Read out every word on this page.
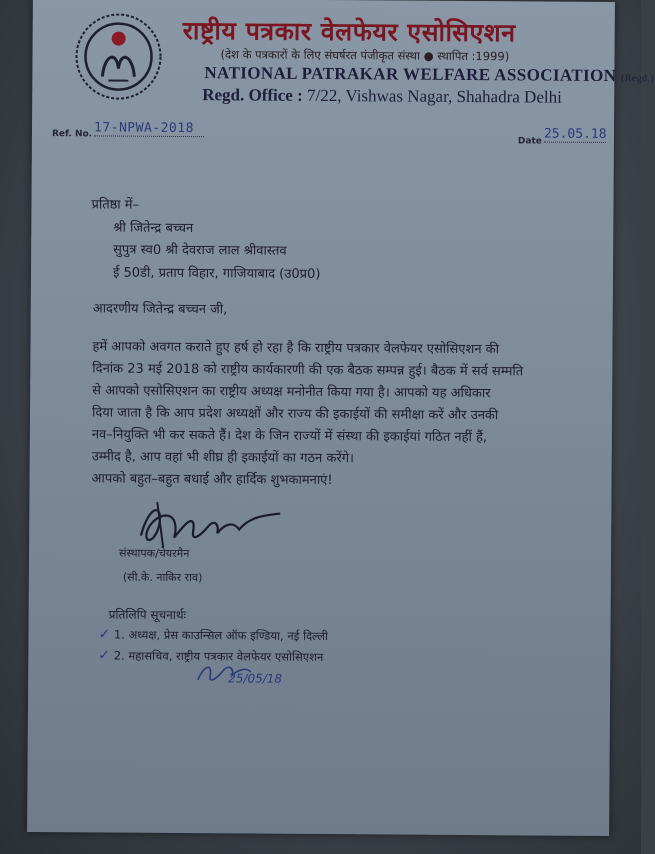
राष्ट्रीय पत्रकार वेलफेयर एसोसिएशन
(देश के पत्रकारों के लिए संघर्षरत पंजीकृत संस्था ● स्थापित :1999)
NATIONAL PATRAKAR WELFARE ASSOCIATION (Regd.)
Regd. Office : 7/22, Vishwas Nagar, Shahadra Delhi
Ref. No. 17-NPWA-2018
Date 25.05.18
प्रतिष्ठा में–
श्री जितेन्द्र बच्चन
सुपुत्र स्व0 श्री देवराज लाल श्रीवास्तव
ई 50डी, प्रताप विहार, गाजियाबाद (उ0प्र0)
आदरणीय जितेन्द्र बच्चन जी,
हमें आपको अवगत कराते हुए हर्ष हो रहा है कि राष्ट्रीय पत्रकार वेलफेयर एसोसिएशन की
दिनांक 23 मई 2018 को राष्ट्रीय कार्यकारणी की एक बैठक सम्पन्न हुई। बैठक में सर्व सम्मति
से आपको एसोसिएशन का राष्ट्रीय अध्यक्ष मनोनीत किया गया है। आपको यह अधिकार
दिया जाता है कि आप प्रदेश अध्यक्षों और राज्य की इकाईयों की समीक्षा करें और उनकी
नव–नियुक्ति भी कर सकते हैं। देश के जिन राज्यों में संस्था की इकाईयां गठित नहीं हैं,
उम्मीद है, आप वहां भी शीघ्र ही इकाईयों का गठन करेंगे।
आपको बहुत–बहुत बधाई और हार्दिक शुभकामनाएं!
संस्थापक/चेयरमैन
(सी.के. नाकिर राव)
प्रतिलिपि सूचनार्थः
✓ 1. अध्यक्ष, प्रेस काउन्सिल ऑफ इण्डिया, नई दिल्ली
✓ 2. महासचिव, राष्ट्रीय पत्रकार वेलफेयर एसोसिएशन
25/05/18
